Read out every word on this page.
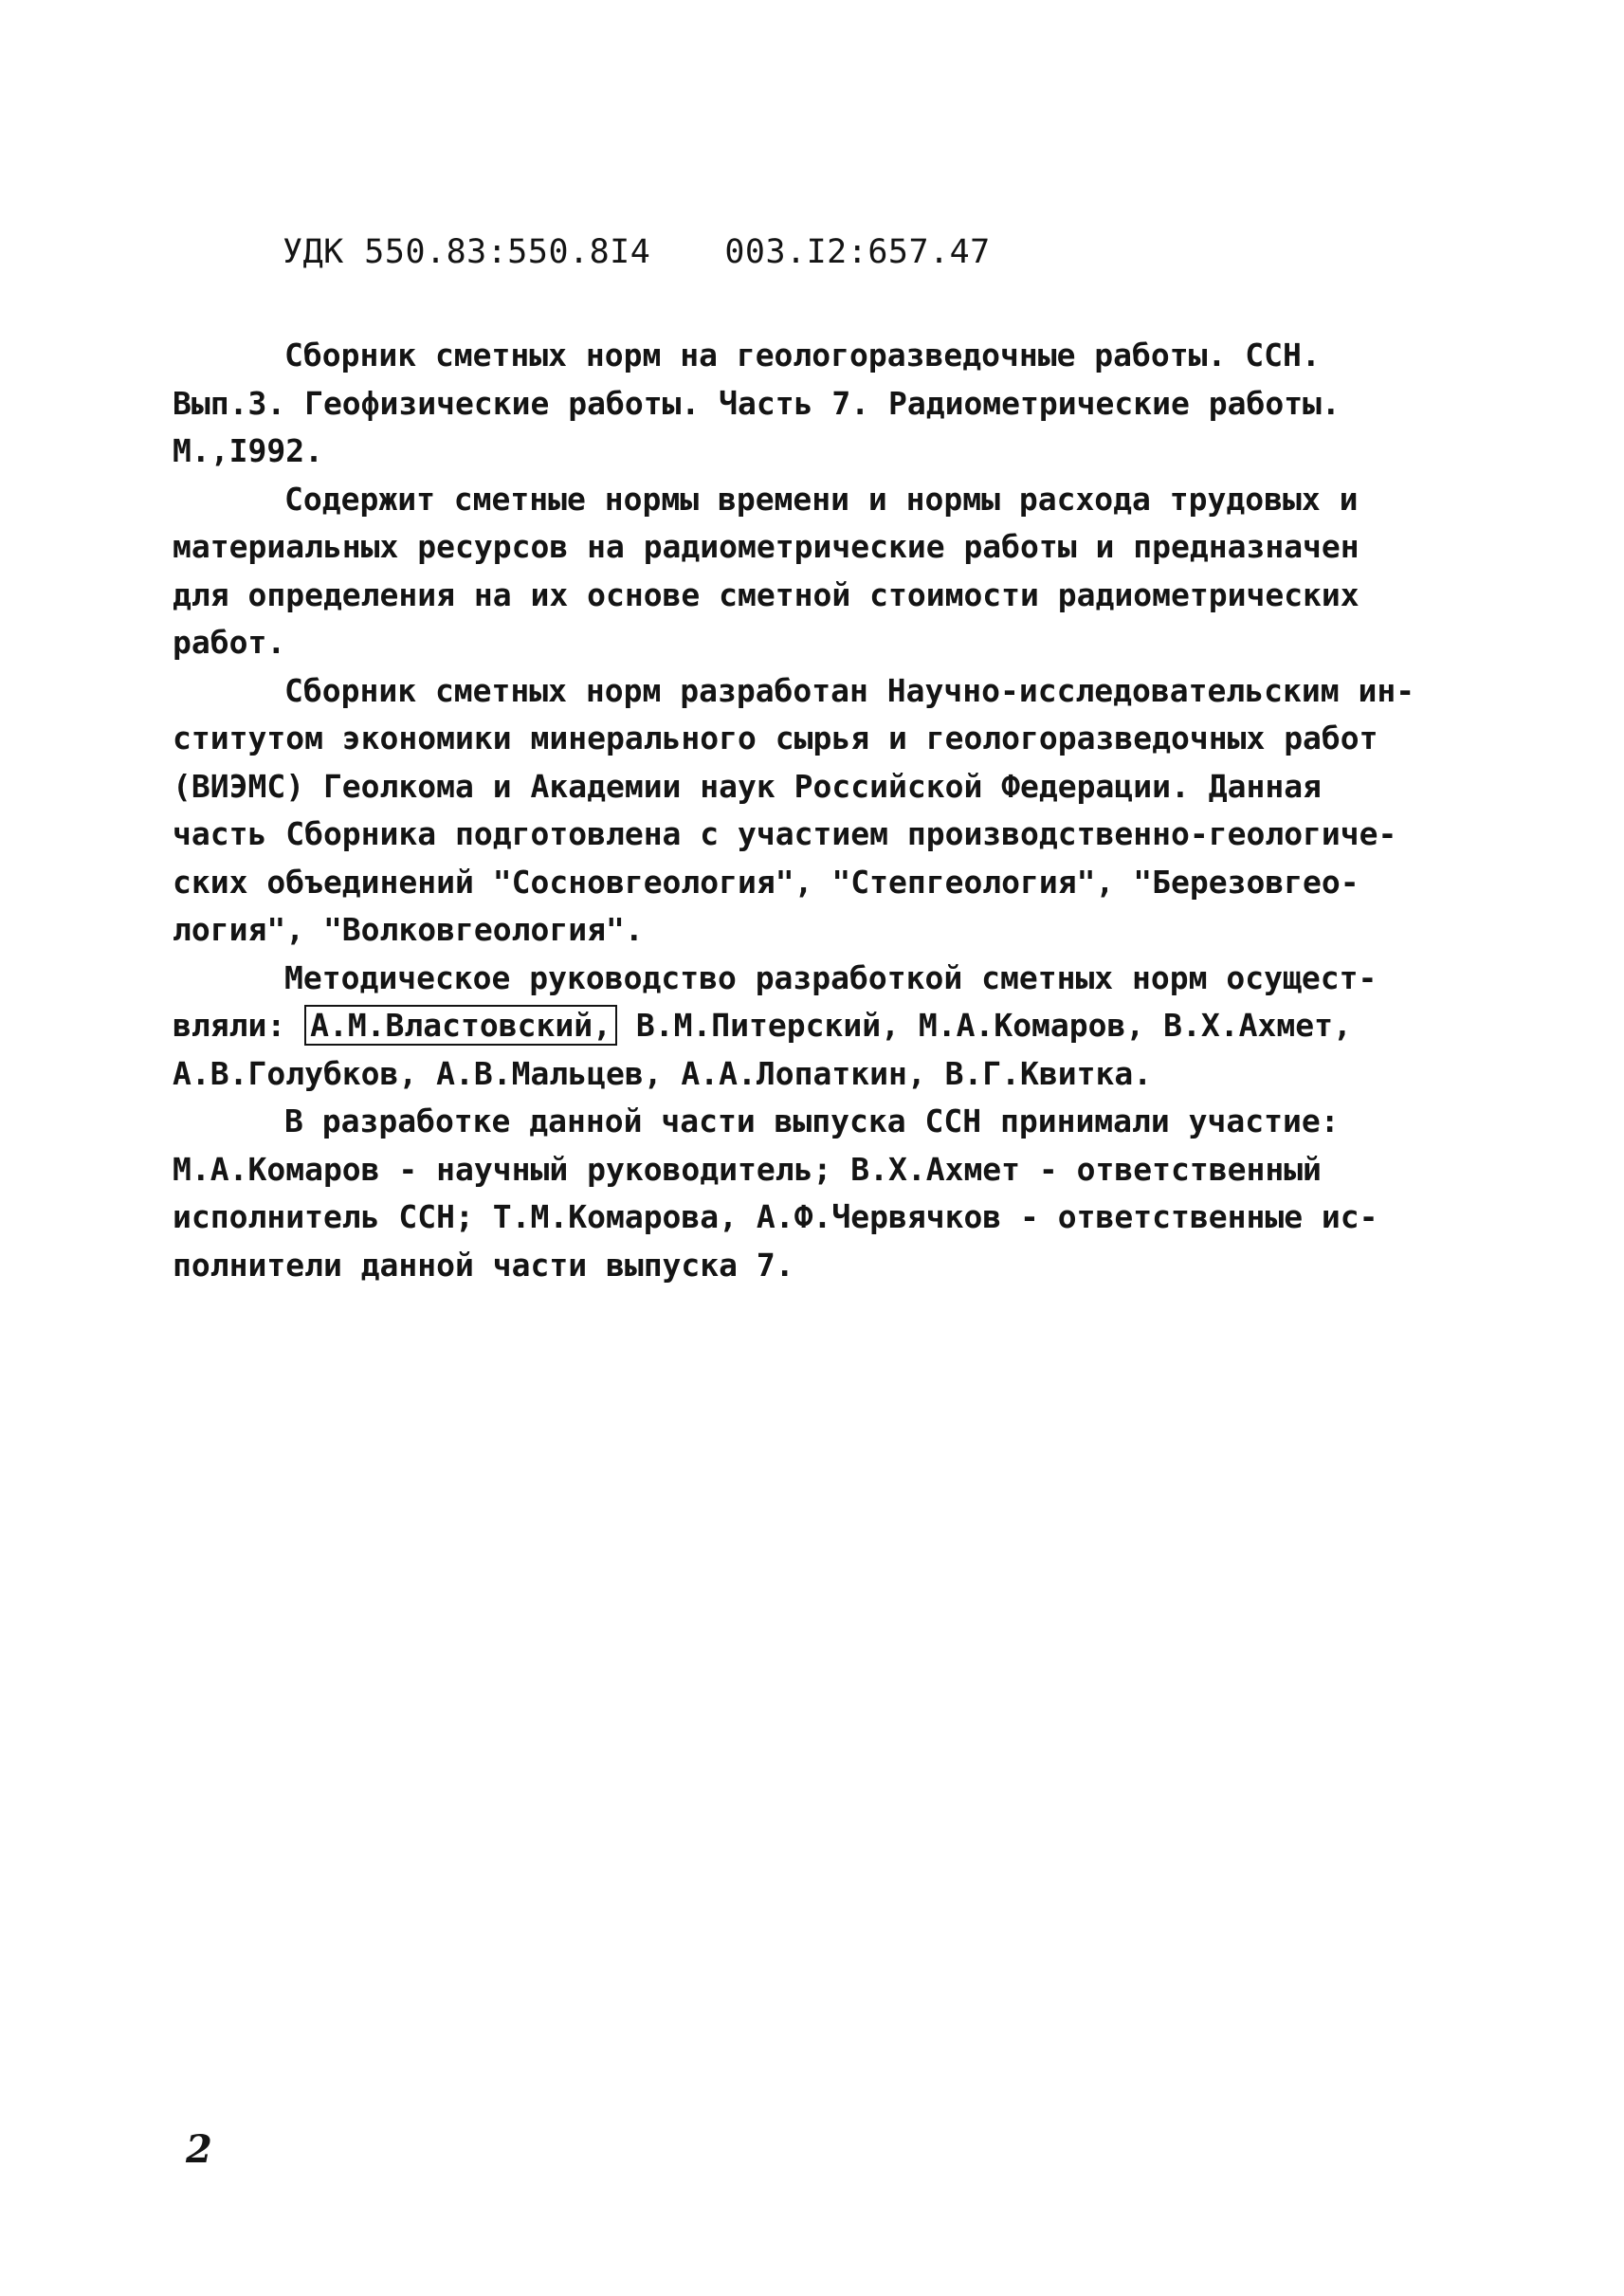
УДК 550.83:550.8I4 003.I2:657.47

Сборник сметных норм на геологоразведочные работы. ССН.
Вып.3. Геофизические работы. Часть 7. Радиометрические работы.
М.,I992.

Содержит сметные нормы времени и нормы расхода трудовых и
материальных ресурсов на радиометрические работы и предназначен
для определения на их основе сметной стоимости радиометрических
работ.

Сборник сметных норм разработан Научно-исследовательским ин-
ститутом экономики минерального сырья и геологоразведочных работ
(ВИЭМС) Геолкома и Академии наук Российской Федерации. Данная
часть Сборника подготовлена с участием производственно-геологиче-
ских объединений "Сосновгеология", "Степгеология", "Березовгео-
логия", "Волковгеология".

Методическое руководство разработкой сметных норм осущест-
вляли: А.М.Властовский, В.М.Питерский, М.А.Комаров, В.Х.Ахмет,
А.В.Голубков, А.В.Мальцев, А.А.Лопаткин, В.Г.Квитка.

В разработке данной части выпуска ССН принимали участие:
М.А.Комаров - научный руководитель; В.Х.Ахмет - ответственный
исполнитель ССН; Т.М.Комарова, А.Ф.Червячков - ответственные ис-
полнители данной части выпуска 7.

2
